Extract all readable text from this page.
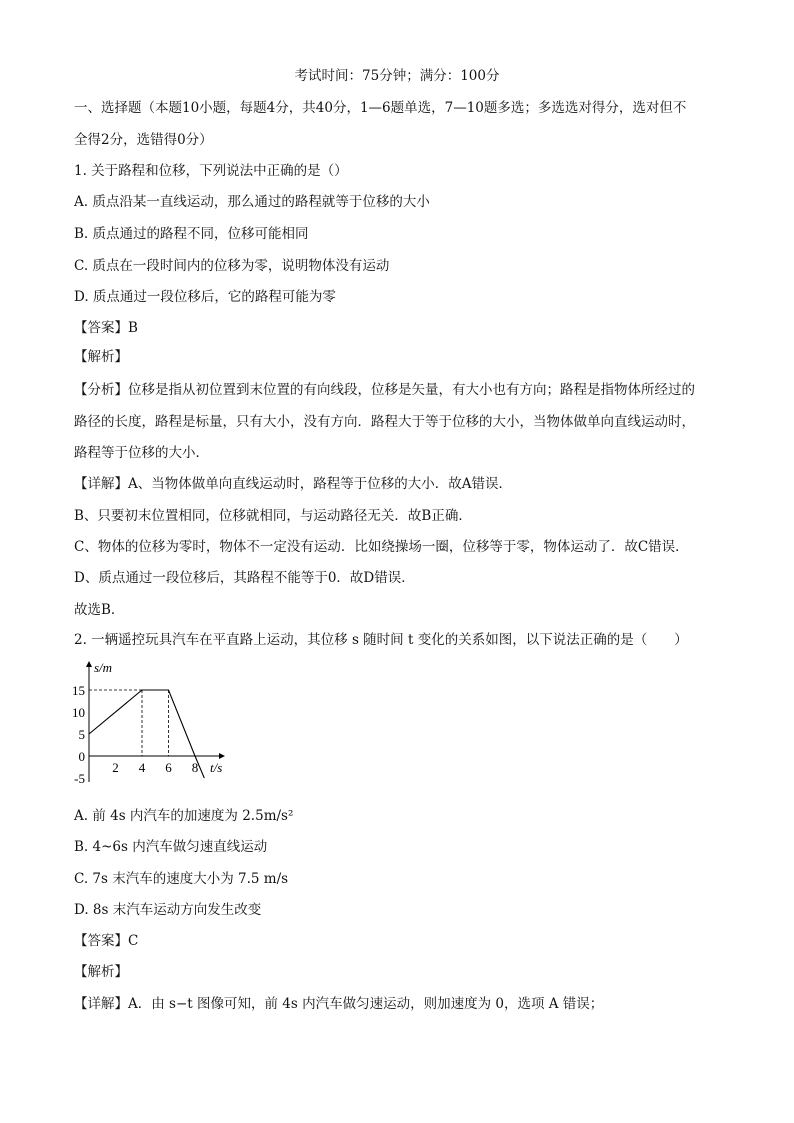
考试时间：75分钟；满分：100分
一、选择题（本题10小题，每题4分，共40分，1—6题单选，7—10题多选；多选选对得分，选对但不
全得2分，选错得0分）
1. 关于路程和位移，下列说法中正确的是（）
A. 质点沿某一直线运动，那么通过的路程就等于位移的大小
B. 质点通过的路程不同，位移可能相同
C. 质点在一段时间内的位移为零，说明物体没有运动
D. 质点通过一段位移后，它的路程可能为零
【答案】B
【解析】
【分析】位移是指从初位置到末位置的有向线段，位移是矢量，有大小也有方向；路程是指物体所经过的
路径的长度，路程是标量，只有大小，没有方向．路程大于等于位移的大小，当物体做单向直线运动时，
路程等于位移的大小．
【详解】A、当物体做单向直线运动时，路程等于位移的大小．故A错误．
B、只要初末位置相同，位移就相同，与运动路径无关．故B正确．
C、物体的位移为零时，物体不一定没有运动．比如绕操场一圈，位移等于零，物体运动了．故C错误．
D、质点通过一段位移后，其路程不能等于0．故D错误．
故选B．
2. 一辆遥控玩具汽车在平直路上运动，其位移 s 随时间 t 变化的关系如图，以下说法正确的是（　　）
s/m
t/s
2 4 6 8
15
10
5
0
-5
A. 前 4s 内汽车的加速度为 2.5m/s²
B. 4~6s 内汽车做匀速直线运动
C. 7s 末汽车的速度大小为 7.5 m/s
D. 8s 末汽车运动方向发生改变
【答案】C
【解析】
【详解】A．由 s−t 图像可知，前 4s 内汽车做匀速运动，则加速度为 0，选项 A 错误；
